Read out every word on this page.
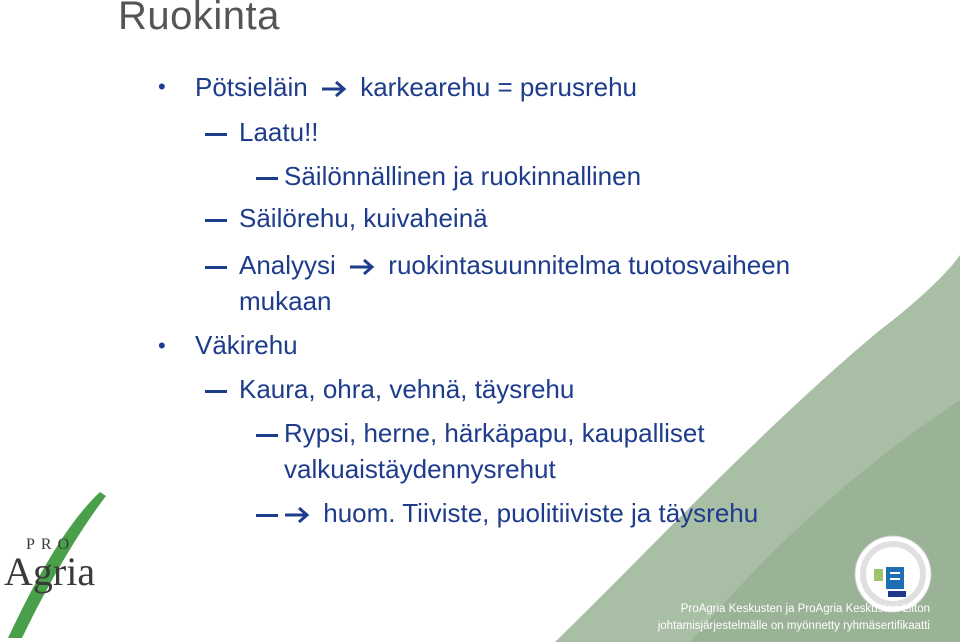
Ruokinta
• Pötsieläin karkearehu = perusrehu
Laatu!!
Säilönnällinen ja ruokinnallinen
Säilörehu, kuivaheinä
Analyysi ruokintasuunnitelma tuotosvaiheen
mukaan
• Väkirehu
Kaura, ohra, vehnä, täysrehu
Rypsi, herne, härkäpapu, kaupalliset
valkuaistäydennysrehut
huom. Tiiviste, puolitiiviste ja täysrehu
PRO
Agria
ProAgria Keskusten ja ProAgria Keskusten Liiton
johtamisjärjestelmälle on myönnetty ryhmäsertifikaatti
